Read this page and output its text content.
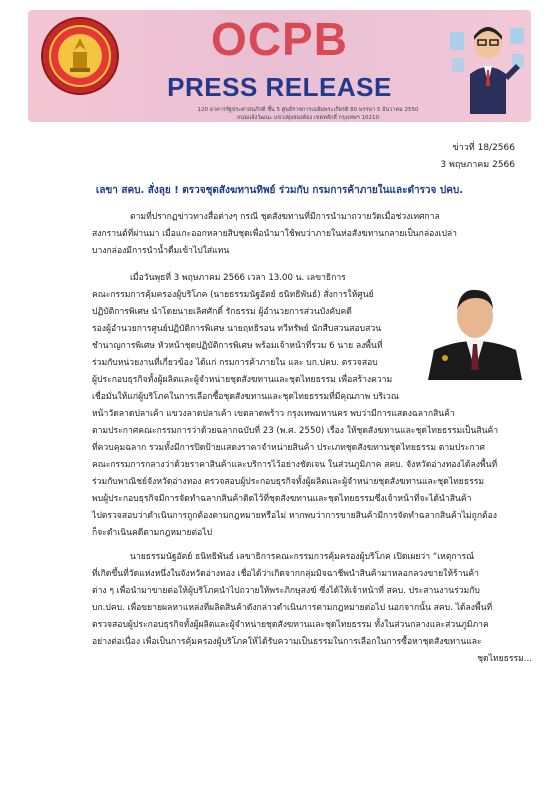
OCPB
PRESS RELEASE
120 อาคารรัฐประศาสนภักดี ชั้น 5 ศูนย์ราชการเฉลิมพระเกียรติ 80 พรรษา 5 ธันวาคม 2550
ถนนแจ้งวัฒนะ แขวงทุ่งสองห้อง เขตหลักสี่ กรุงเทพฯ 10210
ข่าวที่ 18/2566
3 พฤษภาคม 2566
เลขา สคบ. สั่งลุย ! ตรวจชุดสังฆทานทิพย์ ร่วมกับ กรมการค้าภายในและตำรวจ ปคบ.
ตามที่ปรากฏข่าวทางสื่อต่างๆ กรณี ชุดสังฆทานที่มีการนำมาถวายวัดเมื่อช่วงเทศกาล
สงกรานต์ที่ผ่านมา เมื่อแกะออกหลายสิบชุดเพื่อนำมาใช้พบว่าภายในห่อสังฆทานกลายเป็นกล่องเปล่า
บางกล่องมีการนำน้ำดื่มเข้าไปใส่แทน
เมื่อวันพุธที่ 3 พฤษภาคม 2566 เวลา 13.00 น. เลขาธิการ
คณะกรรมการคุ้มครองผู้บริโภค (นายธรรมนัฐอัตย์ ธนิทธิพันธ์) สั่งการให้ศูนย์
ปฏิบัติการพิเศษ นำโดยนายเลิศศักดิ์ รักธรรม ผู้อำนวยการส่วนบังคับคดี
รองผู้อำนวยการศูนย์ปฏิบัติการพิเศษ นายฤทธิรอน ทวีทรัพย์ นักสืบสวนสอบสวน
ชำนาญการพิเศษ หัวหน้าชุดปฏิบัติการพิเศษ พร้อมเจ้าหน้าที่รวม 6 นาย ลงพื้นที่
ร่วมกับหน่วยงานที่เกี่ยวข้อง ได้แก่ กรมการค้าภายใน และ บก.ปคบ. ตรวจสอบ
ผู้ประกอบธุรกิจทั้งผู้ผลิตและผู้จำหน่ายชุดสังฆทานและชุดไทยธรรม เพื่อสร้างความ
เชื่อมั่นให้แก่ผู้บริโภคในการเลือกซื้อชุดสังฆทานและชุดไทยธรรมที่มีคุณภาพ บริเวณ
หน้าวัดลาดปลาเค้า แขวงลาดปลาเค้า เขตลาดพร้าว กรุงเทพมหานคร พบว่ามีการแสดงฉลากสินค้า
ตามประกาศคณะกรรมการว่าด้วยฉลากฉบับที่ 23 (พ.ศ. 2550) เรื่อง ให้ชุดสังฆทานและชุดไทยธรรมเป็นสินค้า
ที่ควบคุมฉลาก รวมทั้งมีการปิดป้ายแสดงราคาจำหน่ายสินค้า ประเภทชุดสังฆทานชุดไทยธรรม ตามประกาศ
คณะกรรมการกลางว่าด้วยราคาสินค้าและบริการไว้อย่างชัดเจน ในส่วนภูมิภาค สคบ. จังหวัดอ่างทองได้ลงพื้นที่
ร่วมกับพาณิชย์จังหวัดอ่างทอง ตรวจสอบผู้ประกอบธุรกิจทั้งผู้ผลิตและผู้จำหน่ายชุดสังฆทานและชุดไทยธรรม
พบผู้ประกอบธุรกิจมีการจัดทำฉลากสินค้าติดไว้ที่ชุดสังฆทานและชุดไทยธรรมซึ่งเจ้าหน้าที่จะได้นำสินค้า
ไปตรวจสอบว่าดำเนินการถูกต้องตามกฎหมายหรือไม่ หากพบว่าการขายสินค้ามีการจัดทำฉลากสินค้าไม่ถูกต้อง
ก็จะดำเนินคดีตามกฎหมายต่อไป
นายธรรมนัฐอัตย์ ธนิทธิพันธ์ เลขาธิการคณะกรรมการคุ้มครองผู้บริโภค เปิดเผยว่า “เหตุการณ์
ที่เกิดขึ้นที่วัดแห่งหนึ่งในจังหวัดอ่างทอง เชื่อได้ว่าเกิดจากกลุ่มมิจฉาชีพนำสินค้ามาหลอกลวงขายให้ร้านค้า
ต่าง ๆ เพื่อนำมาขายต่อให้ผู้บริโภคนำไปถวายให้พระภิกษุสงฆ์ ซึ่งได้ให้เจ้าหน้าที่ สคบ. ประสานงานร่วมกับ
บก.ปคบ. เพื่อขยายผลหาแหล่งที่ผลิตสินค้าดังกล่าวดำเนินการตามกฎหมายต่อไป นอกจากนั้น สคบ. ได้ลงพื้นที่
ตรวจสอบผู้ประกอบธุรกิจทั้งผู้ผลิตและผู้จำหน่ายชุดสังฆทานและชุดไทยธรรม ทั้งในส่วนกลางและส่วนภูมิภาค
อย่างต่อเนื่อง เพื่อเป็นการคุ้มครองผู้บริโภคให้ได้รับความเป็นธรรมในการเลือกในการซื้อหาชุดสังฆทานและ
ชุดไทยธรรม...
